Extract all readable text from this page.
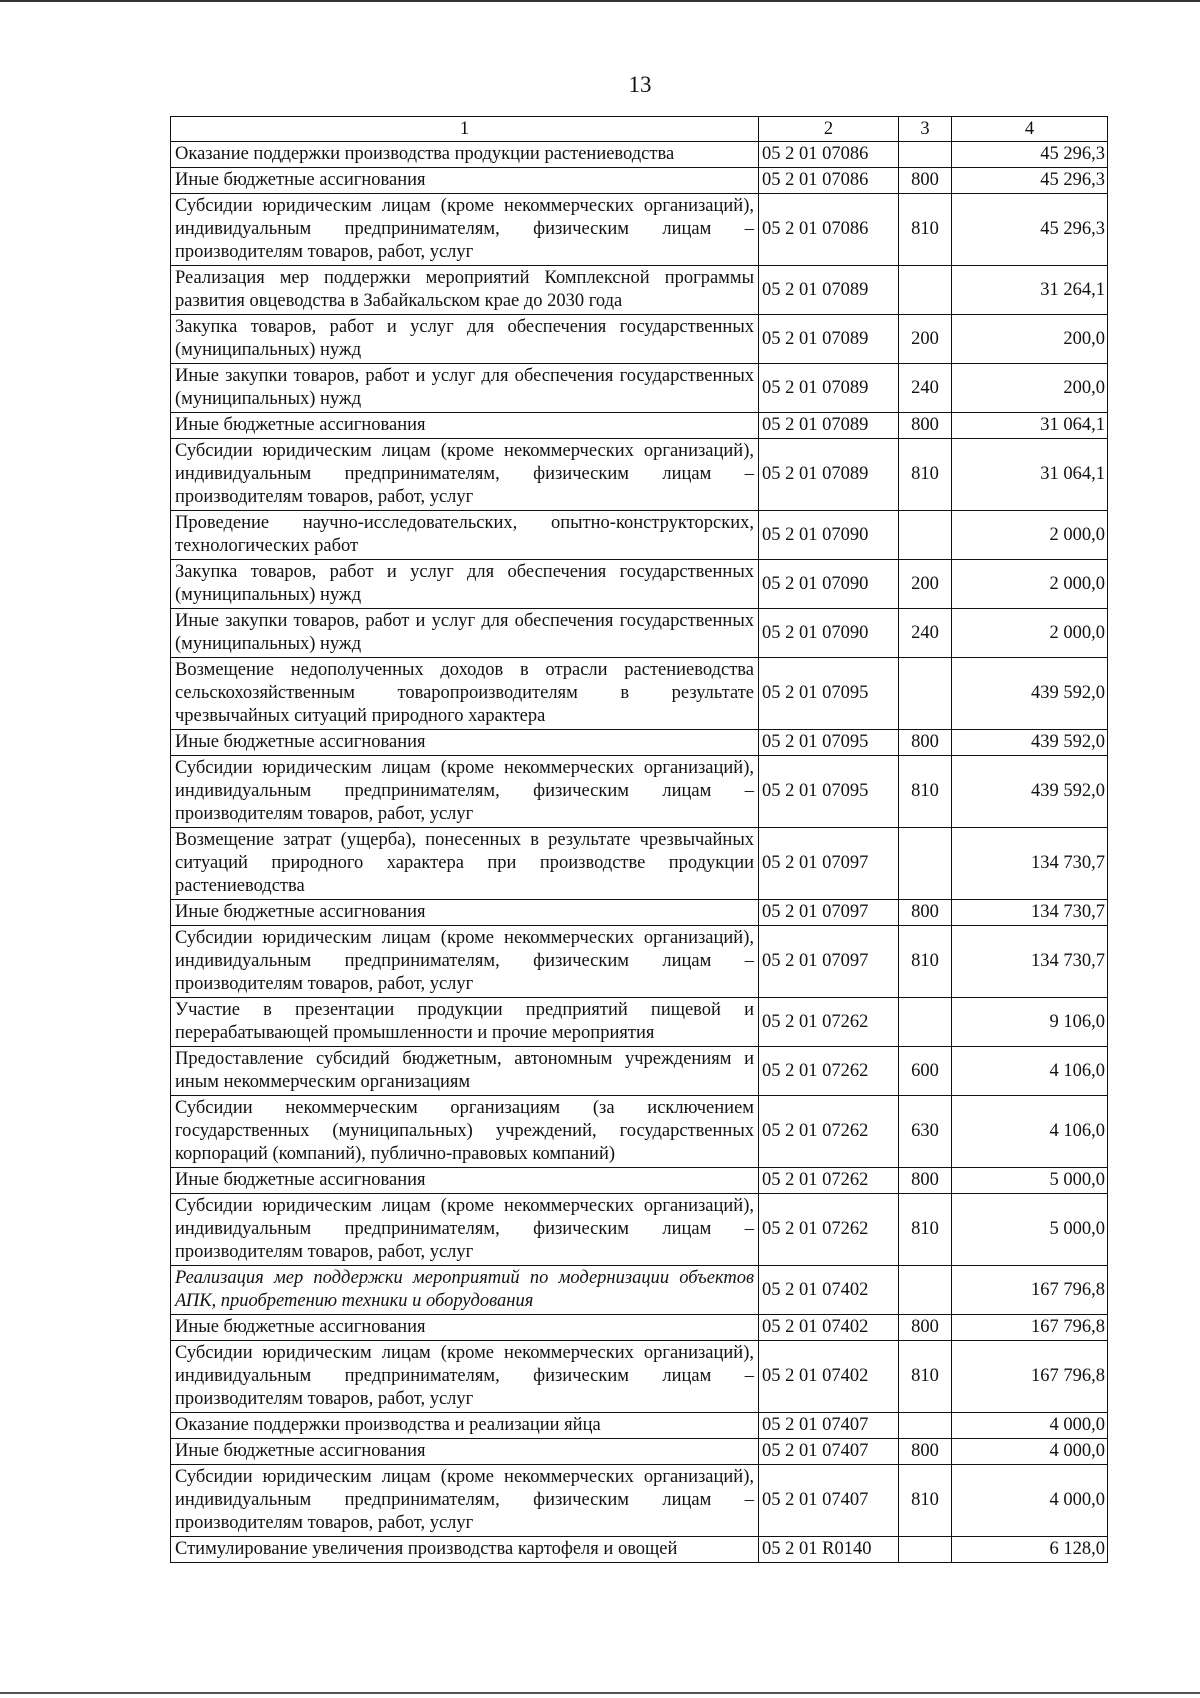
13
1	2	3	4
Оказание поддержки производства продукции растениеводства	05 2 01 07086		45 296,3
Иные бюджетные ассигнования	05 2 01 07086	800	45 296,3
Субсидии юридическим лицам (кроме некоммерческих организаций), индивидуальным предпринимателям, физическим лицам – производителям товаров, работ, услуг	05 2 01 07086	810	45 296,3
Реализация мер поддержки мероприятий Комплексной программы развития овцеводства в Забайкальском крае до 2030 года	05 2 01 07089		31 264,1
Закупка товаров, работ и услуг для обеспечения государственных (муниципальных) нужд	05 2 01 07089	200	200,0
Иные закупки товаров, работ и услуг для обеспечения государственных (муниципальных) нужд	05 2 01 07089	240	200,0
Иные бюджетные ассигнования	05 2 01 07089	800	31 064,1
Субсидии юридическим лицам (кроме некоммерческих организаций), индивидуальным предпринимателям, физическим лицам – производителям товаров, работ, услуг	05 2 01 07089	810	31 064,1
Проведение научно-исследовательских, опытно-конструкторских, технологических работ	05 2 01 07090		2 000,0
Закупка товаров, работ и услуг для обеспечения государственных (муниципальных) нужд	05 2 01 07090	200	2 000,0
Иные закупки товаров, работ и услуг для обеспечения государственных (муниципальных) нужд	05 2 01 07090	240	2 000,0
Возмещение недополученных доходов в отрасли растениеводства сельскохозяйственным товаропроизводителям в результате чрезвычайных ситуаций природного характера	05 2 01 07095		439 592,0
Иные бюджетные ассигнования	05 2 01 07095	800	439 592,0
Субсидии юридическим лицам (кроме некоммерческих организаций), индивидуальным предпринимателям, физическим лицам – производителям товаров, работ, услуг	05 2 01 07095	810	439 592,0
Возмещение затрат (ущерба), понесенных в результате чрезвычайных ситуаций природного характера при производстве продукции растениеводства	05 2 01 07097		134 730,7
Иные бюджетные ассигнования	05 2 01 07097	800	134 730,7
Субсидии юридическим лицам (кроме некоммерческих организаций), индивидуальным предпринимателям, физическим лицам – производителям товаров, работ, услуг	05 2 01 07097	810	134 730,7
Участие в презентации продукции предприятий пищевой и перерабатывающей промышленности и прочие мероприятия	05 2 01 07262		9 106,0
Предоставление субсидий бюджетным, автономным учреждениям и иным некоммерческим организациям	05 2 01 07262	600	4 106,0
Субсидии некоммерческим организациям (за исключением государственных (муниципальных) учреждений, государственных корпораций (компаний), публично-правовых компаний)	05 2 01 07262	630	4 106,0
Иные бюджетные ассигнования	05 2 01 07262	800	5 000,0
Субсидии юридическим лицам (кроме некоммерческих организаций), индивидуальным предпринимателям, физическим лицам – производителям товаров, работ, услуг	05 2 01 07262	810	5 000,0
Реализация мер поддержки мероприятий по модернизации объектов АПК, приобретению техники и оборудования	05 2 01 07402		167 796,8
Иные бюджетные ассигнования	05 2 01 07402	800	167 796,8
Субсидии юридическим лицам (кроме некоммерческих организаций), индивидуальным предпринимателям, физическим лицам – производителям товаров, работ, услуг	05 2 01 07402	810	167 796,8
Оказание поддержки производства и реализации яйца	05 2 01 07407		4 000,0
Иные бюджетные ассигнования	05 2 01 07407	800	4 000,0
Субсидии юридическим лицам (кроме некоммерческих организаций), индивидуальным предпринимателям, физическим лицам – производителям товаров, работ, услуг	05 2 01 07407	810	4 000,0
Стимулирование увеличения производства картофеля и овощей	05 2 01 R0140		6 128,0
